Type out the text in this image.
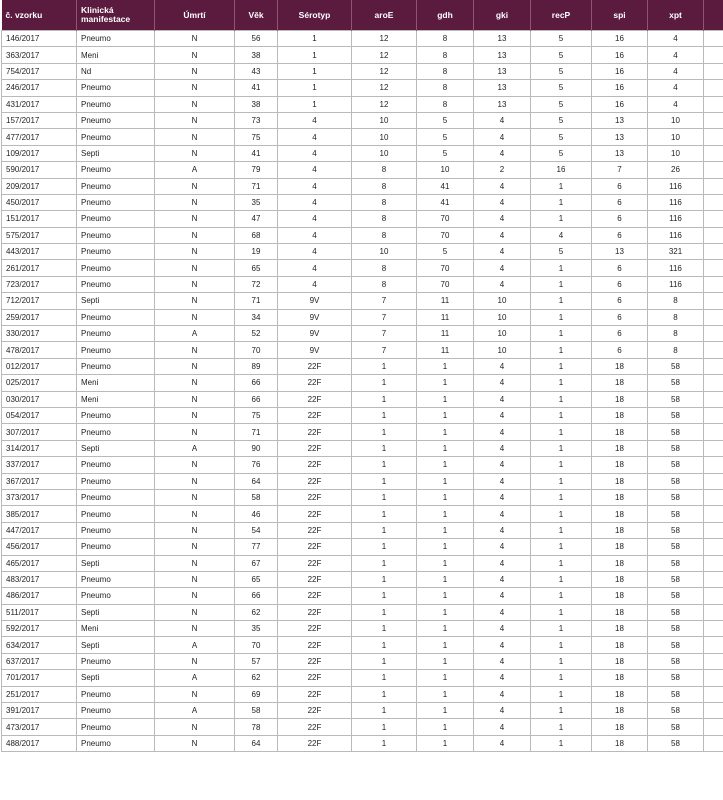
č. vzorku	Klinická manifestace	Úmrtí	Věk	Sérotyp	aroE	gdh	gki	recP	spi	xpt	
146/2017	Pneumo	N	56	1	12	8	13	5	16	4	
363/2017	Meni	N	38	1	12	8	13	5	16	4	
754/2017	Nd	N	43	1	12	8	13	5	16	4	
246/2017	Pneumo	N	41	1	12	8	13	5	16	4	
431/2017	Pneumo	N	38	1	12	8	13	5	16	4	
157/2017	Pneumo	N	73	4	10	5	4	5	13	10	
477/2017	Pneumo	N	75	4	10	5	4	5	13	10	
109/2017	Septi	N	41	4	10	5	4	5	13	10	
590/2017	Pneumo	A	79	4	8	10	2	16	7	26	
209/2017	Pneumo	N	71	4	8	41	4	1	6	116	
450/2017	Pneumo	N	35	4	8	41	4	1	6	116	
151/2017	Pneumo	N	47	4	8	70	4	1	6	116	
575/2017	Pneumo	N	68	4	8	70	4	4	6	116	
443/2017	Pneumo	N	19	4	10	5	4	5	13	321	
261/2017	Pneumo	N	65	4	8	70	4	1	6	116	
723/2017	Pneumo	N	72	4	8	70	4	1	6	116	
712/2017	Septi	N	71	9V	7	11	10	1	6	8	
259/2017	Pneumo	N	34	9V	7	11	10	1	6	8	
330/2017	Pneumo	A	52	9V	7	11	10	1	6	8	
478/2017	Pneumo	N	70	9V	7	11	10	1	6	8	
012/2017	Pneumo	N	89	22F	1	1	4	1	18	58	
025/2017	Meni	N	66	22F	1	1	4	1	18	58	
030/2017	Meni	N	66	22F	1	1	4	1	18	58	
054/2017	Pneumo	N	75	22F	1	1	4	1	18	58	
307/2017	Pneumo	N	71	22F	1	1	4	1	18	58	
314/2017	Septi	A	90	22F	1	1	4	1	18	58	
337/2017	Pneumo	N	76	22F	1	1	4	1	18	58	
367/2017	Pneumo	N	64	22F	1	1	4	1	18	58	
373/2017	Pneumo	N	58	22F	1	1	4	1	18	58	
385/2017	Pneumo	N	46	22F	1	1	4	1	18	58	
447/2017	Pneumo	N	54	22F	1	1	4	1	18	58	
456/2017	Pneumo	N	77	22F	1	1	4	1	18	58	
465/2017	Septi	N	67	22F	1	1	4	1	18	58	
483/2017	Pneumo	N	65	22F	1	1	4	1	18	58	
486/2017	Pneumo	N	66	22F	1	1	4	1	18	58	
511/2017	Septi	N	62	22F	1	1	4	1	18	58	
592/2017	Meni	N	35	22F	1	1	4	1	18	58	
634/2017	Septi	A	70	22F	1	1	4	1	18	58	
637/2017	Pneumo	N	57	22F	1	1	4	1	18	58	
701/2017	Septi	A	62	22F	1	1	4	1	18	58	
251/2017	Pneumo	N	69	22F	1	1	4	1	18	58	
391/2017	Pneumo	A	58	22F	1	1	4	1	18	58	
473/2017	Pneumo	N	78	22F	1	1	4	1	18	58	
488/2017	Pneumo	N	64	22F	1	1	4	1	18	58	
